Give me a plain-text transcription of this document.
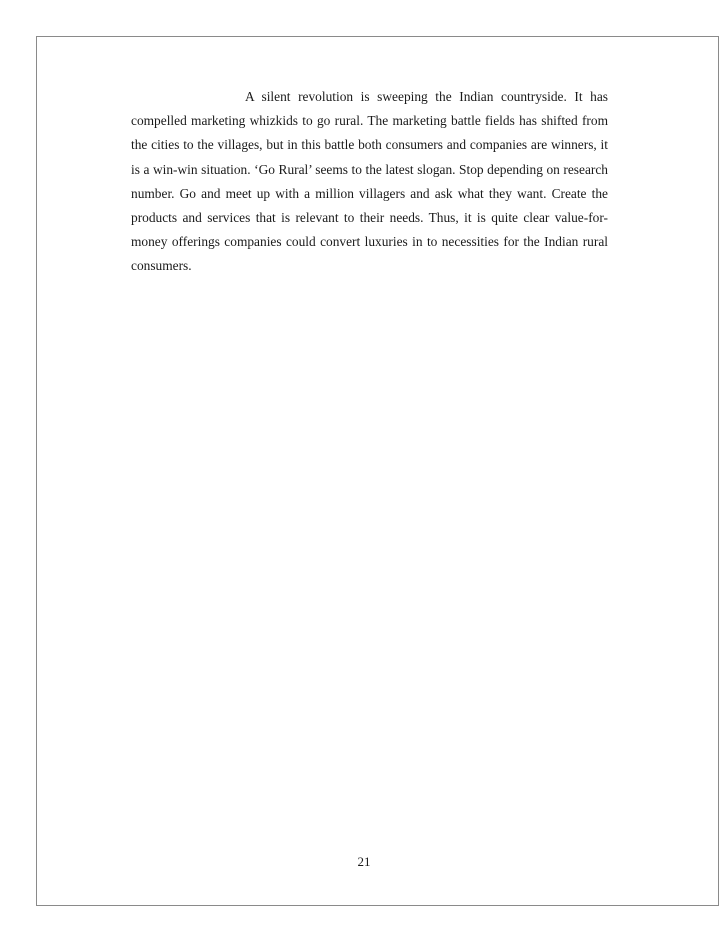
A silent revolution is sweeping the Indian countryside. It has compelled marketing whizkids to go rural. The marketing battle fields has shifted from the cities to the villages, but in this battle both consumers and companies are winners, it is a win-win situation. ‘Go Rural’ seems to the latest slogan. Stop depending on research number. Go and meet up with a million villagers and ask what they want. Create the products and services that is relevant to their needs. Thus, it is quite clear value-for-money offerings companies could convert luxuries in to necessities for the Indian rural consumers.

21
